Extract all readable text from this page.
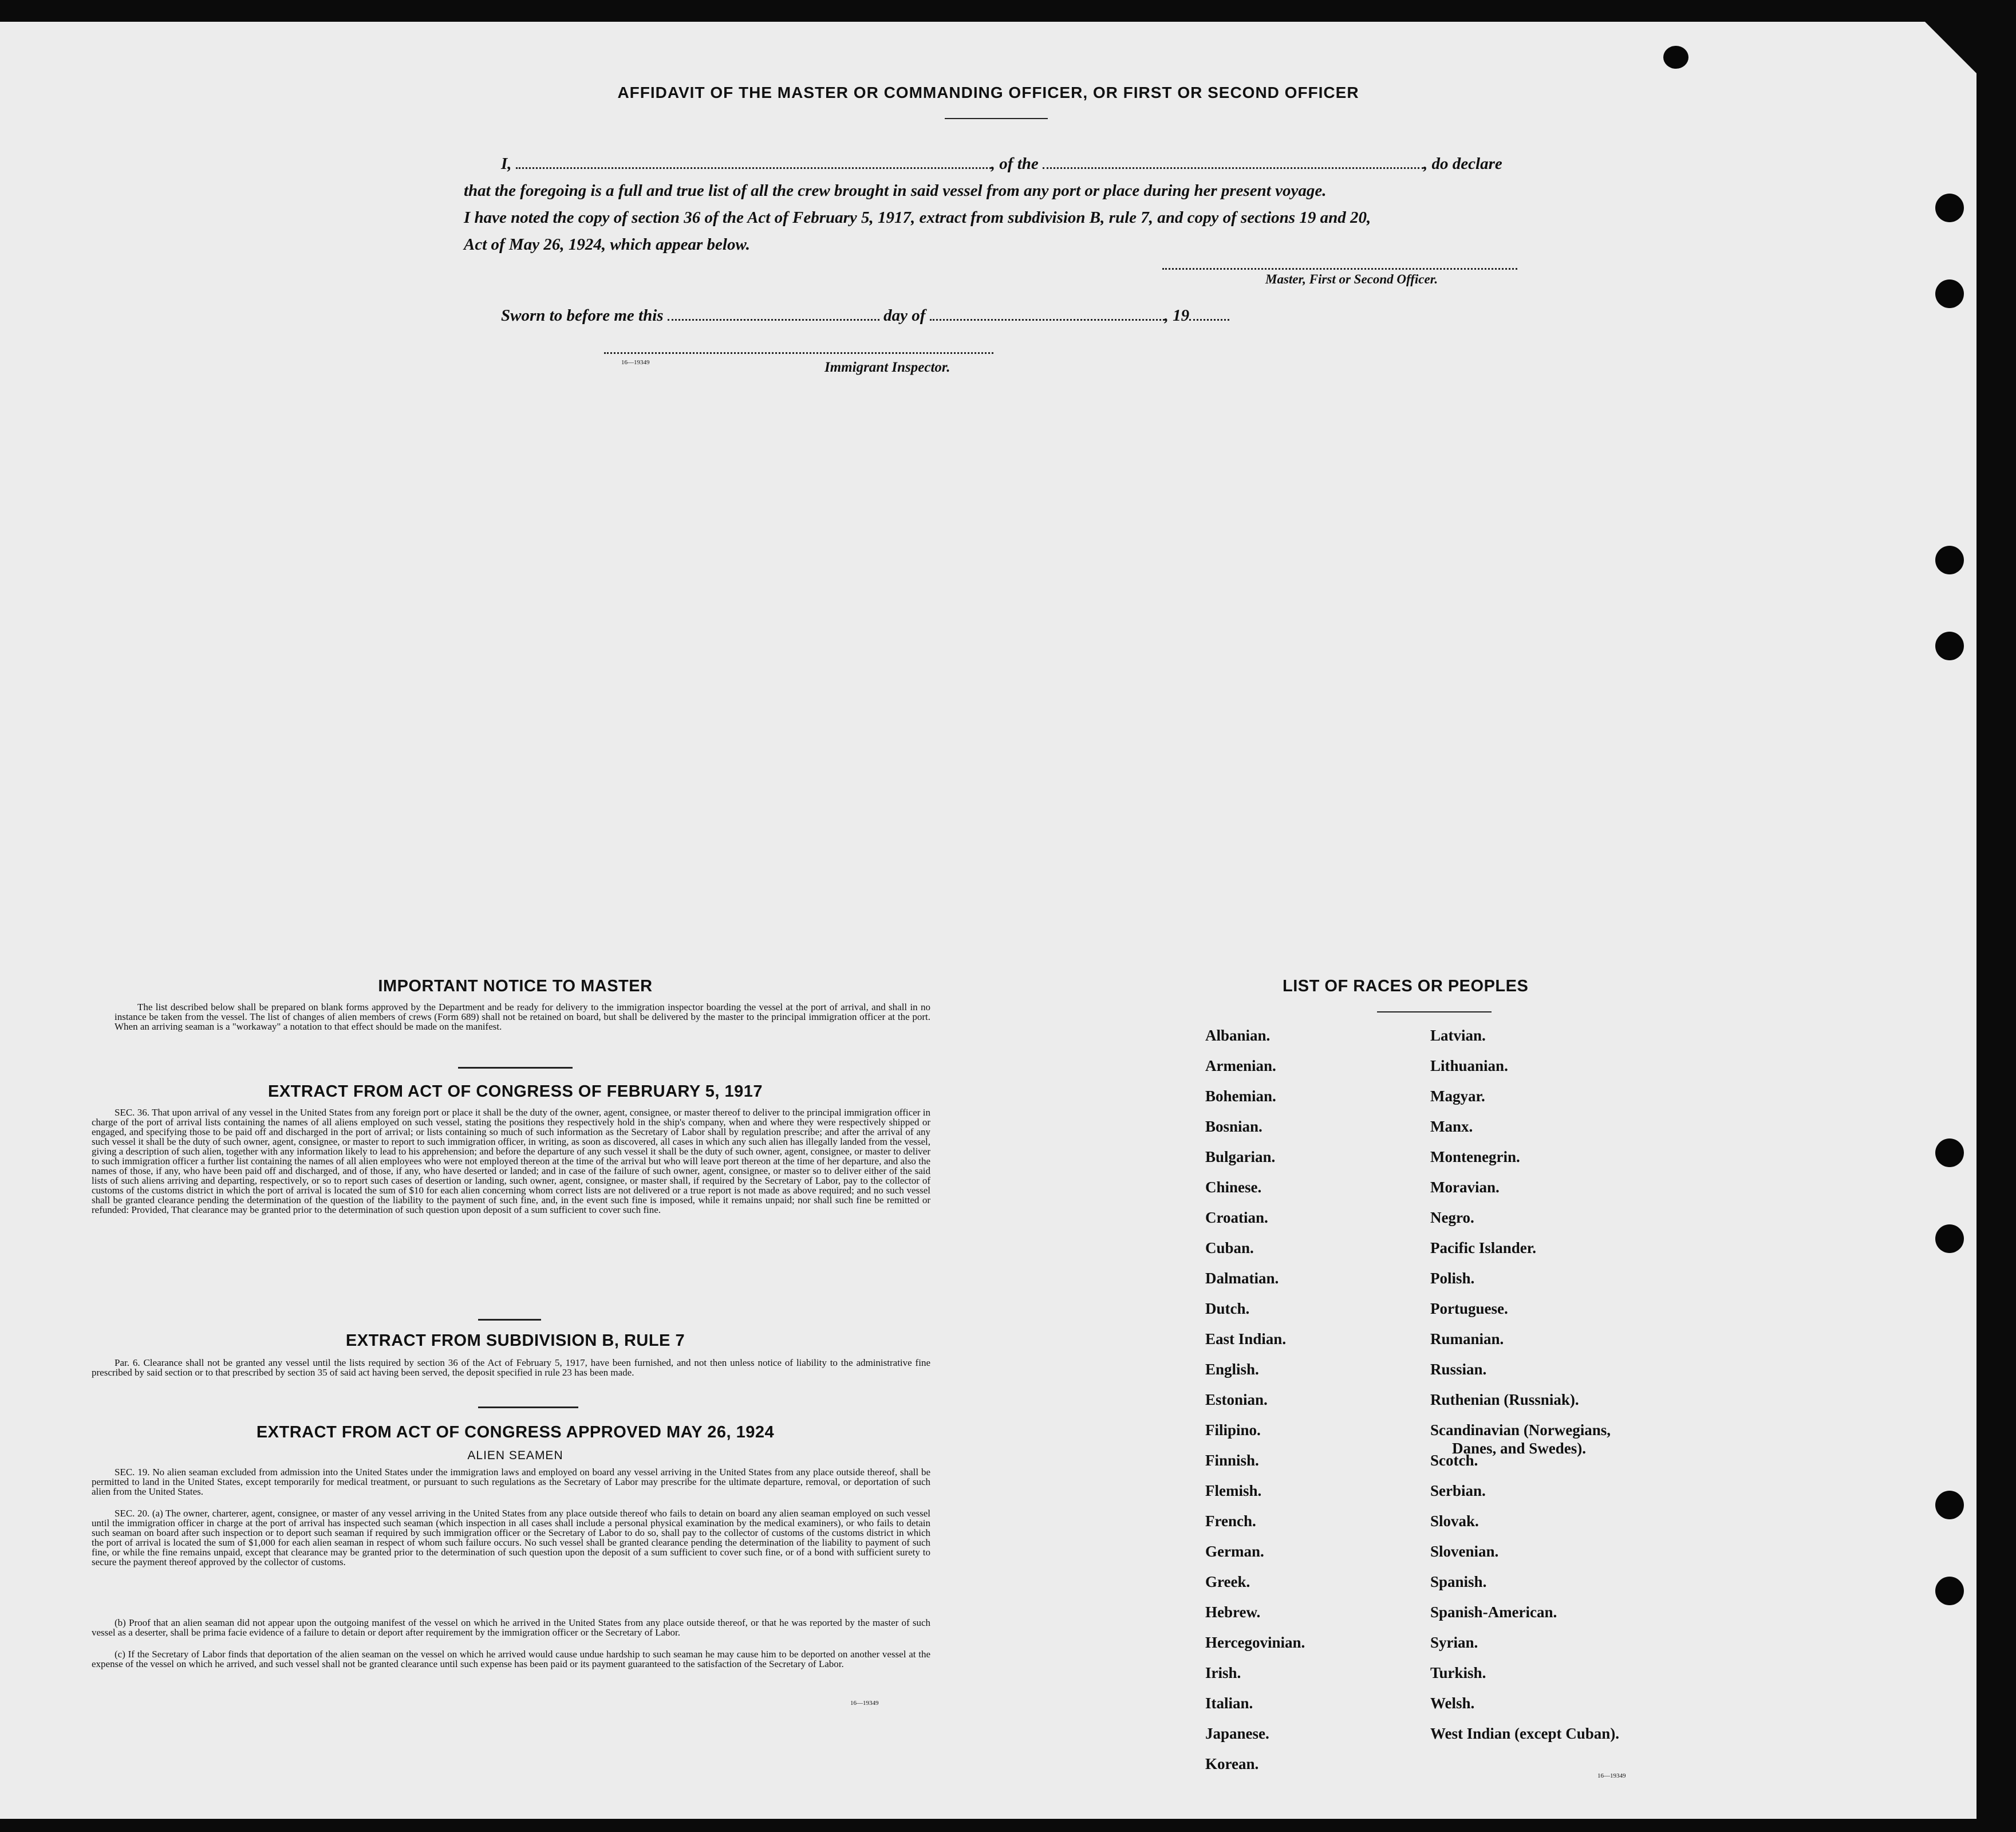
AFFIDAVIT OF THE MASTER OR COMMANDING OFFICER, OR FIRST OR SECOND OFFICER
I,	, of the	, do declare
that the foregoing is a full and true list of all the crew brought in said vessel from any port or place during her present voyage.
I have noted the copy of section 36 of the Act of February 5, 1917, extract from subdivision B, rule 7, and copy of sections 19 and 20,
Act of May 26, 1924, which appear below.
Master, First or Second Officer.
Sworn to before me this	day of	, 19
16—19349	Immigrant Inspector.
IMPORTANT NOTICE TO MASTER
The list described below shall be prepared on blank forms approved by the Department and be ready for delivery to the immigration inspector boarding the vessel at the port of arrival, and shall in no instance be taken from the vessel. The list of changes of alien members of crews (Form 689) shall not be retained on board, but shall be delivered by the master to the principal immigration officer at the port. When an arriving seaman is a "workaway" a notation to that effect should be made on the manifest.
EXTRACT FROM ACT OF CONGRESS OF FEBRUARY 5, 1917
SEC. 36. That upon arrival of any vessel in the United States from any foreign port or place it shall be the duty of the owner, agent, consignee, or master thereof to deliver to the principal immigration officer in charge of the port of arrival lists containing the names of all aliens employed on such vessel, stating the positions they respectively hold in the ship's company, when and where they were respectively shipped or engaged, and specifying those to be paid off and discharged in the port of arrival; or lists containing so much of such information as the Secretary of Labor shall by regulation prescribe; and after the arrival of any such vessel it shall be the duty of such owner, agent, consignee, or master to report to such immigration officer, in writing, as soon as discovered, all cases in which any such alien has illegally landed from the vessel, giving a description of such alien, together with any information likely to lead to his apprehension; and before the departure of any such vessel it shall be the duty of such owner, agent, consignee, or master to deliver to such immigration officer a further list containing the names of all alien employees who were not employed thereon at the time of the arrival but who will leave port thereon at the time of her departure, and also the names of those, if any, who have been paid off and discharged, and of those, if any, who have deserted or landed; and in case of the failure of such owner, agent, consignee, or master so to deliver either of the said lists of such aliens arriving and departing, respectively, or so to report such cases of desertion or landing, such owner, agent, consignee, or master shall, if required by the Secretary of Labor, pay to the collector of customs of the customs district in which the port of arrival is located the sum of $10 for each alien concerning whom correct lists are not delivered or a true report is not made as above required; and no such vessel shall be granted clearance pending the determination of the question of the liability to the payment of such fine, and, in the event such fine is imposed, while it remains unpaid; nor shall such fine be remitted or refunded: Provided, That clearance may be granted prior to the determination of such question upon deposit of a sum sufficient to cover such fine.
EXTRACT FROM SUBDIVISION B, RULE 7
Par. 6. Clearance shall not be granted any vessel until the lists required by section 36 of the Act of February 5, 1917, have been furnished, and not then unless notice of liability to the administrative fine prescribed by said section or to that prescribed by section 35 of said act having been served, the deposit specified in rule 23 has been made.
EXTRACT FROM ACT OF CONGRESS APPROVED MAY 26, 1924
ALIEN SEAMEN
SEC. 19. No alien seaman excluded from admission into the United States under the immigration laws and employed on board any vessel arriving in the United States from any place outside thereof, shall be permitted to land in the United States, except temporarily for medical treatment, or pursuant to such regulations as the Secretary of Labor may prescribe for the ultimate departure, removal, or deportation of such alien from the United States.
SEC. 20. (a) The owner, charterer, agent, consignee, or master of any vessel arriving in the United States from any place outside thereof who fails to detain on board any alien seaman employed on such vessel until the immigration officer in charge at the port of arrival has inspected such seaman (which inspection in all cases shall include a personal physical examination by the medical examiners), or who fails to detain such seaman on board after such inspection or to deport such seaman if required by such immigration officer or the Secretary of Labor to do so, shall pay to the collector of customs of the customs district in which the port of arrival is located the sum of $1,000 for each alien seaman in respect of whom such failure occurs. No such vessel shall be granted clearance pending the determination of the liability to payment of such fine, or while the fine remains unpaid, except that clearance may be granted prior to the determination of such question upon the deposit of a sum sufficient to cover such fine, or of a bond with sufficient surety to secure the payment thereof approved by the collector of customs.
(b) Proof that an alien seaman did not appear upon the outgoing manifest of the vessel on which he arrived in the United States from any place outside thereof, or that he was reported by the master of such vessel as a deserter, shall be prima facie evidence of a failure to detain or deport after requirement by the immigration officer or the Secretary of Labor.
(c) If the Secretary of Labor finds that deportation of the alien seaman on the vessel on which he arrived would cause undue hardship to such seaman he may cause him to be deported on another vessel at the expense of the vessel on which he arrived, and such vessel shall not be granted clearance until such expense has been paid or its payment guaranteed to the satisfaction of the Secretary of Labor.
16—19349
LIST OF RACES OR PEOPLES
Albanian.
Armenian.
Bohemian.
Bosnian.
Bulgarian.
Chinese.
Croatian.
Cuban.
Dalmatian.
Dutch.
East Indian.
English.
Estonian.
Filipino.
Finnish.
Flemish.
French.
German.
Greek.
Hebrew.
Hercegovinian.
Irish.
Italian.
Japanese.
Korean.
Latvian.
Lithuanian.
Magyar.
Manx.
Montenegrin.
Moravian.
Negro.
Pacific Islander.
Polish.
Portuguese.
Rumanian.
Russian.
Ruthenian (Russniak).
Scandinavian (Norwegians,
Danes, and Swedes).
Scotch.
Serbian.
Slovak.
Slovenian.
Spanish.
Spanish-American.
Syrian.
Turkish.
Welsh.
West Indian (except Cuban).
16—19349
